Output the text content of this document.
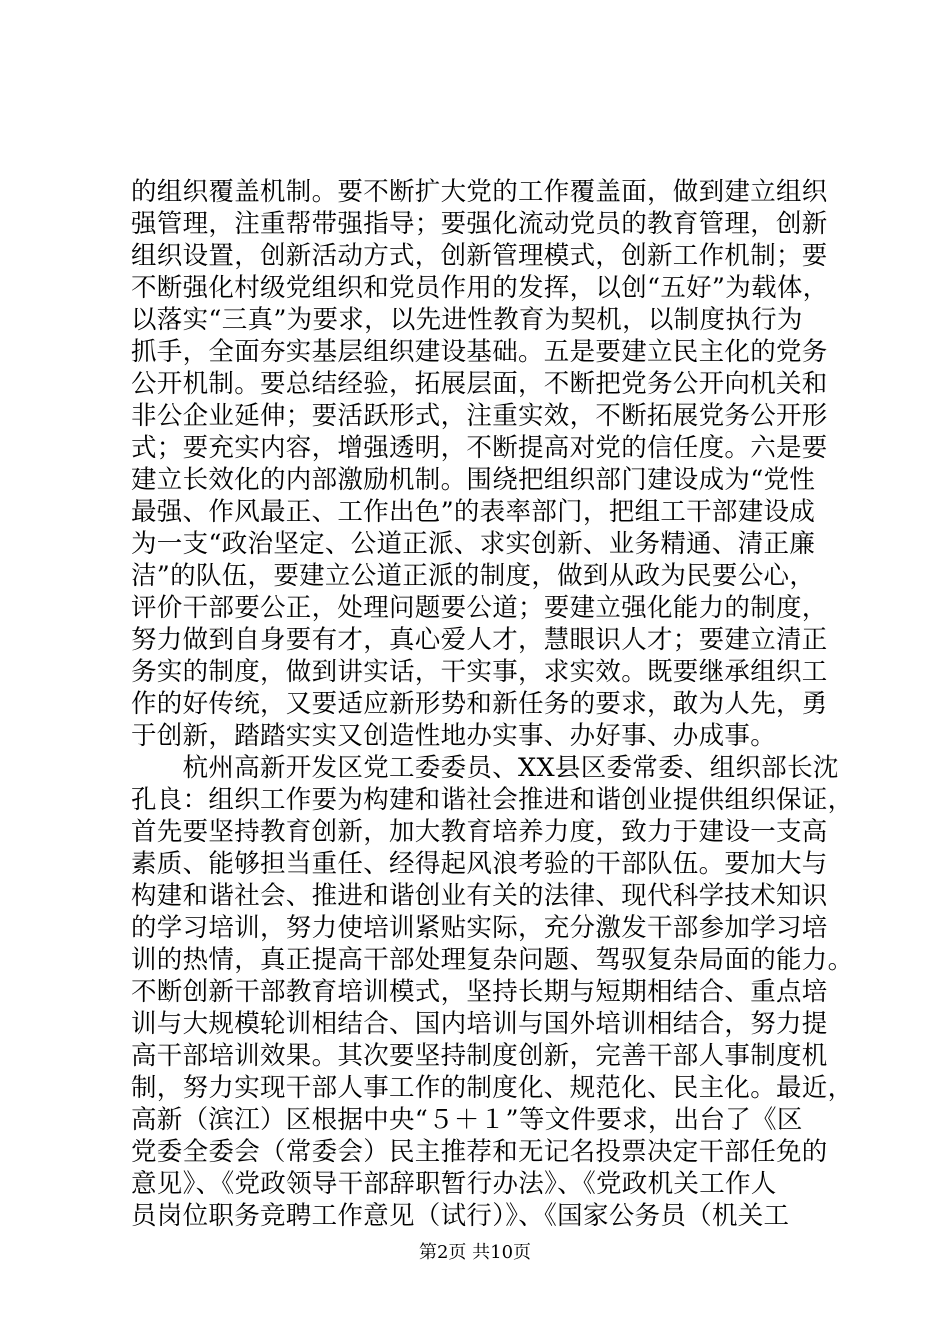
的组织覆盖机制。要不断扩大党的工作覆盖面，做到建立组织
强管理，注重帮带强指导；要强化流动党员的教育管理，创新
组织设置，创新活动方式，创新管理模式，创新工作机制；要
不断强化村级党组织和党员作用的发挥，以创“五好”为载体，
以落实“三真”为要求，以先进性教育为契机，以制度执行为
抓手，全面夯实基层组织建设基础。五是要建立民主化的党务
公开机制。要总结经验，拓展层面，不断把党务公开向机关和
非公企业延伸；要活跃形式，注重实效，不断拓展党务公开形
式；要充实内容，增强透明，不断提高对党的信任度。六是要
建立长效化的内部激励机制。围绕把组织部门建设成为“党性
最强、作风最正、工作出色”的表率部门，把组工干部建设成
为一支“政治坚定、公道正派、求实创新、业务精通、清正廉
洁”的队伍，要建立公道正派的制度，做到从政为民要公心，
评价干部要公正，处理问题要公道；要建立强化能力的制度，
努力做到自身要有才，真心爱人才，慧眼识人才；要建立清正
务实的制度，做到讲实话，干实事，求实效。既要继承组织工
作的好传统，又要适应新形势和新任务的要求，敢为人先，勇
于创新，踏踏实实又创造性地办实事、办好事、办成事。
　　杭州高新开发区党工委委员、XX县区委常委、组织部长沈
孔良：组织工作要为构建和谐社会推进和谐创业提供组织保证，
首先要坚持教育创新，加大教育培养力度，致力于建设一支高
素质、能够担当重任、经得起风浪考验的干部队伍。要加大与
构建和谐社会、推进和谐创业有关的法律、现代科学技术知识
的学习培训，努力使培训紧贴实际，充分激发干部参加学习培
训的热情，真正提高干部处理复杂问题、驾驭复杂局面的能力。
不断创新干部教育培训模式，坚持长期与短期相结合、重点培
训与大规模轮训相结合、国内培训与国外培训相结合，努力提
高干部培训效果。其次要坚持制度创新，完善干部人事制度机
制，努力实现干部人事工作的制度化、规范化、民主化。最近，
高新（滨江）区根据中央“５＋１”等文件要求，出台了《区
党委全委会（常委会）民主推荐和无记名投票决定干部任免的
意见》、《党政领导干部辞职暂行办法》、《党政机关工作人
员岗位职务竞聘工作意见（试行）》、《国家公务员（机关工
第2页 共10页
